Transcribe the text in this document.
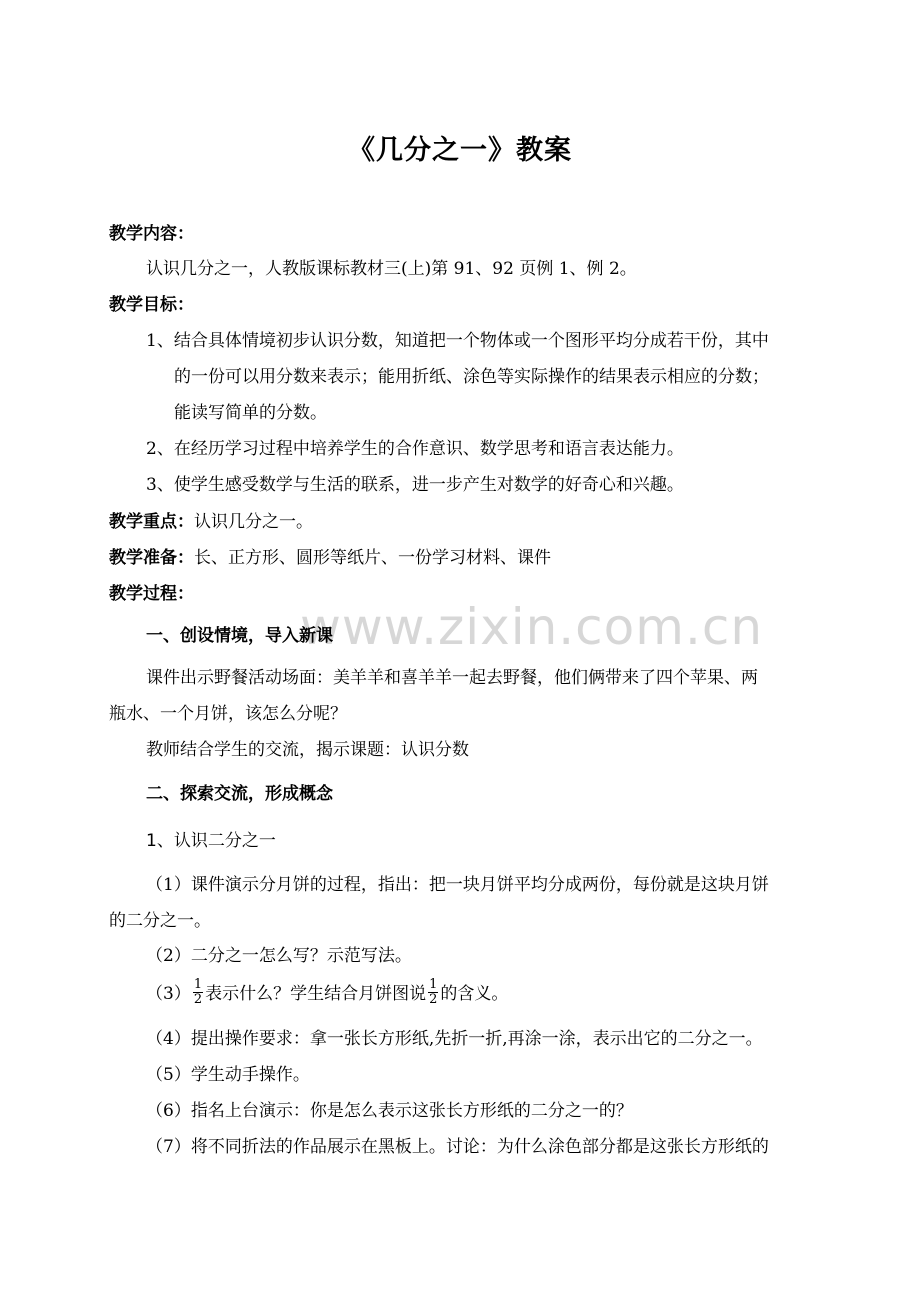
www.zixin.com.cn
《几分之一》教案
教学内容：
认识几分之一，人教版课标教材三(上)第 91、92 页例 1、例 2。
教学目标：
1、结合具体情境初步认识分数，知道把一个物体或一个图形平均分成若干份，其中
的一份可以用分数来表示；能用折纸、涂色等实际操作的结果表示相应的分数；
能读写简单的分数。
2、在经历学习过程中培养学生的合作意识、数学思考和语言表达能力。
3、使学生感受数学与生活的联系，进一步产生对数学的好奇心和兴趣。
教学重点：认识几分之一。
教学准备：长、正方形、圆形等纸片、一份学习材料、课件
教学过程：
一、创设情境，导入新课
课件出示野餐活动场面：美羊羊和喜羊羊一起去野餐，他们俩带来了四个苹果、两
瓶水、一个月饼，该怎么分呢？
教师结合学生的交流，揭示课题：认识分数
二、探索交流，形成概念
1、认识二分之一
（1）课件演示分月饼的过程，指出：把一块月饼平均分成两份，每份就是这块月饼
的二分之一。
（2）二分之一怎么写？示范写法。
$(3) \frac{1}{2}$ 表示什么？学生结合月饼图说 $\frac{1}{2}$ 的含义。
（4）提出操作要求：拿一张长方形纸,先折一折,再涂一涂，表示出它的二分之一。
（5）学生动手操作。
（6）指名上台演示：你是怎么表示这张长方形纸的二分之一的？
（7）将不同折法的作品展示在黑板上。讨论：为什么涂色部分都是这张长方形纸的
